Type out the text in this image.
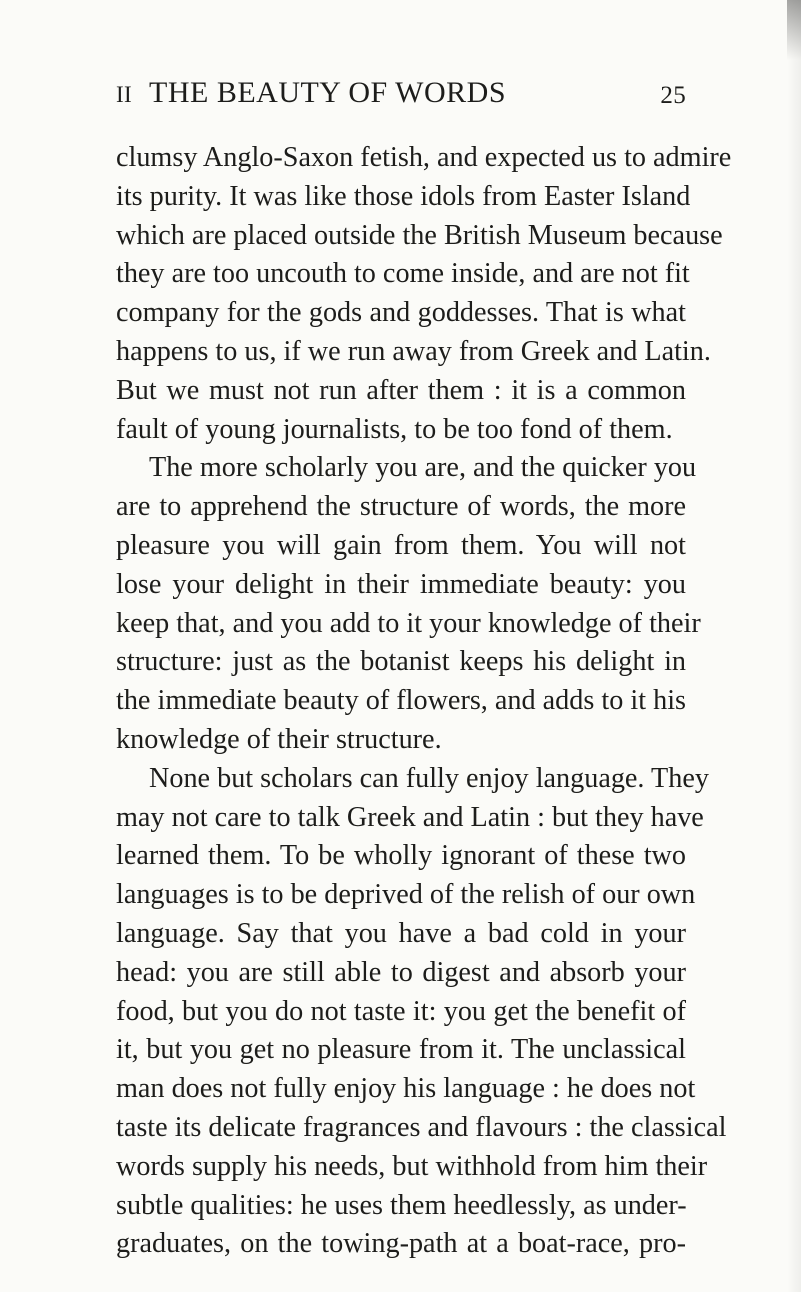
II THE BEAUTY OF WORDS	25
clumsy Anglo-Saxon fetish, and expected us to admire
its purity. It was like those idols from Easter Island
which are placed outside the British Museum because
they are too uncouth to come inside, and are not fit
company for the gods and goddesses. That is what
happens to us, if we run away from Greek and Latin.
But we must not run after them : it is a common
fault of young journalists, to be too fond of them.
The more scholarly you are, and the quicker you
are to apprehend the structure of words, the more
pleasure you will gain from them. You will not
lose your delight in their immediate beauty: you
keep that, and you add to it your knowledge of their
structure: just as the botanist keeps his delight in
the immediate beauty of flowers, and adds to it his
knowledge of their structure.
None but scholars can fully enjoy language. They
may not care to talk Greek and Latin : but they have
learned them. To be wholly ignorant of these two
languages is to be deprived of the relish of our own
language. Say that you have a bad cold in your
head: you are still able to digest and absorb your
food, but you do not taste it: you get the benefit of
it, but you get no pleasure from it. The unclassical
man does not fully enjoy his language : he does not
taste its delicate fragrances and flavours : the classical
words supply his needs, but withhold from him their
subtle qualities: he uses them heedlessly, as under-
graduates, on the towing-path at a boat-race, pro-
